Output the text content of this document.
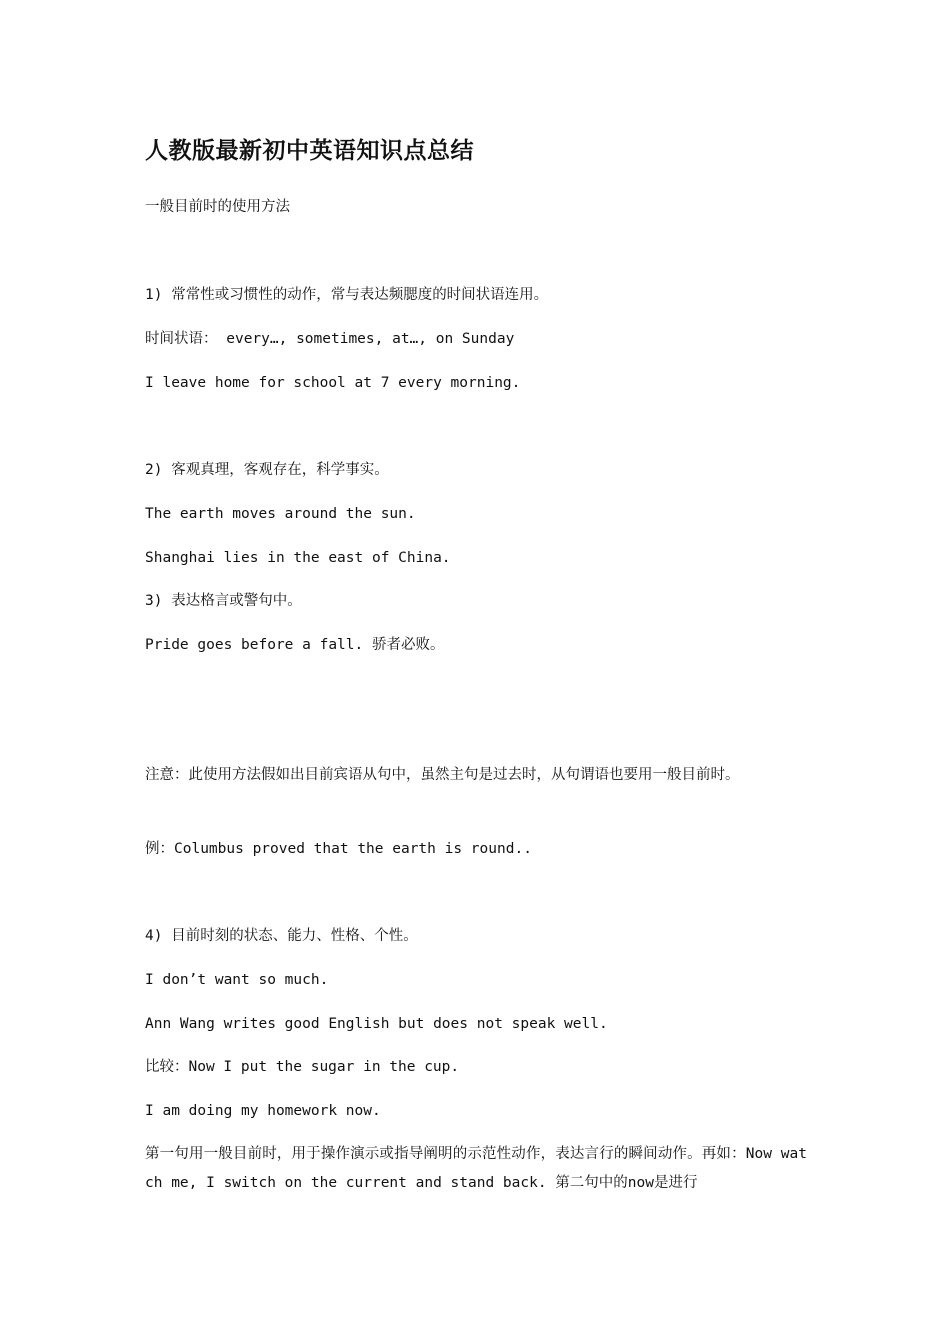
人教版最新初中英语知识点总结

一般目前时的使用方法

1) 常常性或习惯性的动作，常与表达频腮度的时间状语连用。

时间状语： every…, sometimes, at…, on Sunday

I leave home for school at 7 every morning.

2) 客观真理，客观存在，科学事实。

The earth moves around the sun.

Shanghai lies in the east of China.

3) 表达格言或警句中。

Pride goes before a fall. 骄者必败。

注意：此使用方法假如出目前宾语从句中，虽然主句是过去时，从句谓语也要用一般目前时。

例：Columbus proved that the earth is round..

4) 目前时刻的状态、能力、性格、个性。

I don’t want so much.

Ann Wang writes good English but does not speak well.

比较：Now I put the sugar in the cup.

I am doing my homework now.

第一句用一般目前时，用于操作演示或指导阐明的示范性动作，表达言行的瞬间动作。再如：Now watch me, I switch on the current and stand back. 第二句中的now是进行
